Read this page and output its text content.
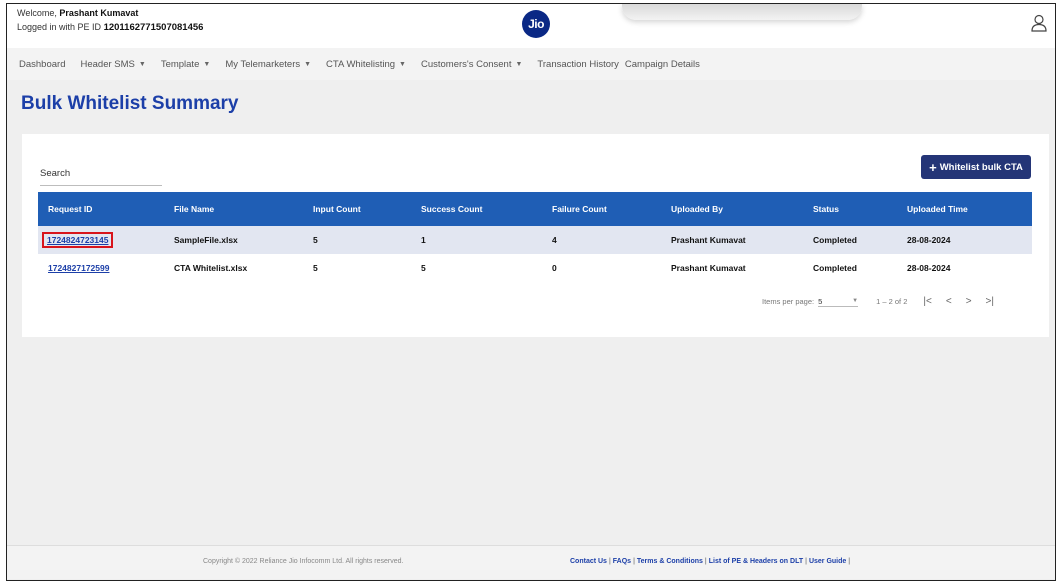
Welcome, Prashant Kumavat
Logged in with PE ID 1201162771507081456	Jio
Dashboard Header SMS ▼ Template ▼ My Telemarketers ▼ CTA Whitelisting ▼ Customers's Consent ▼ Transaction History Campaign Details
Bulk Whitelist Summary
Search
+ Whitelist bulk CTA
Request ID	File Name	Input Count	Success Count	Failure Count	Uploaded By	Status	Uploaded Time
1724824723145	SampleFile.xlsx	5	1	4	Prashant Kumavat	Completed	28-08-2024
1724827172599	CTA Whitelist.xlsx	5	5	0	Prashant Kumavat	Completed	28-08-2024
Items per page: 5	▼ 1 – 2 of 2 |< < > >|
Copyright © 2022 Reliance Jio Infocomm Ltd. All rights reserved.	Contact Us | FAQs | Terms & Conditions | List of PE & Headers on DLT | User Guide |
